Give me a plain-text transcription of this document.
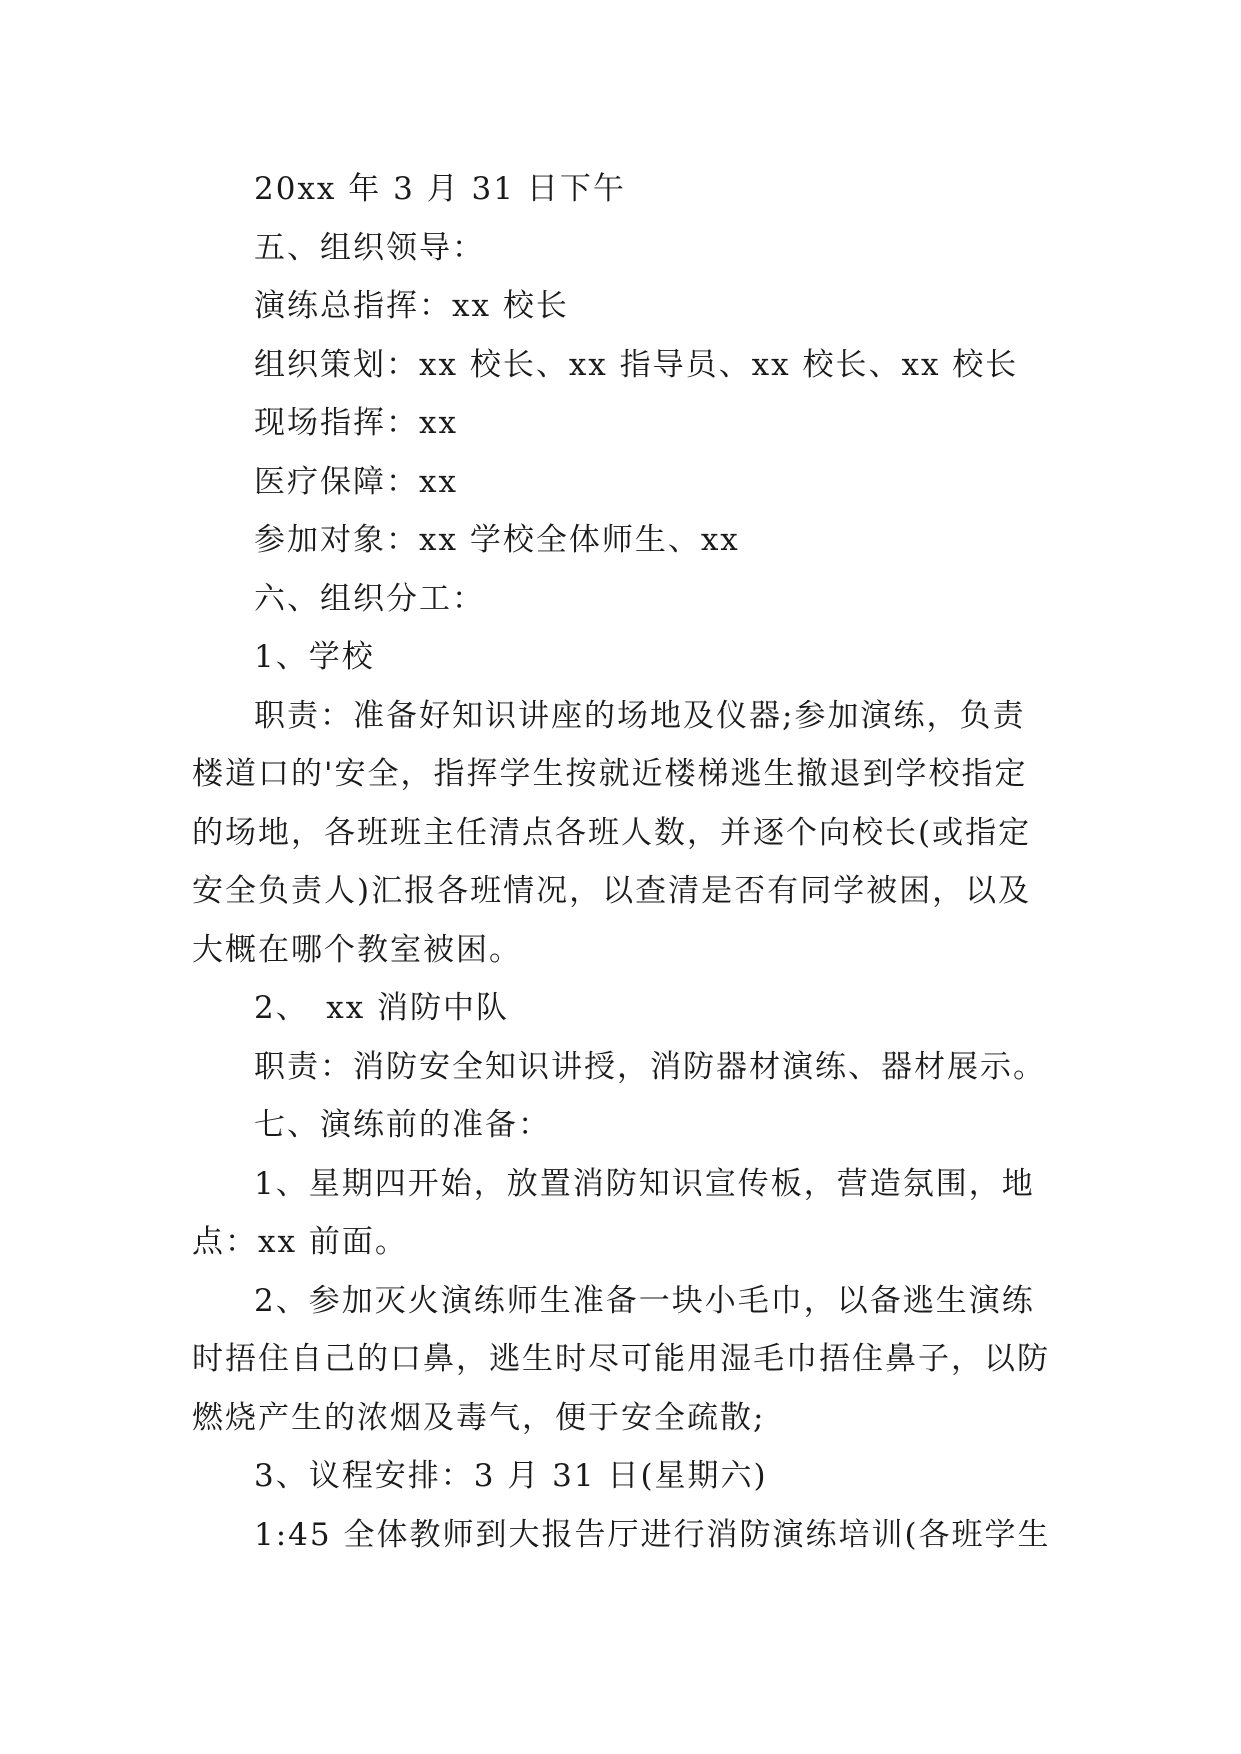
20xx 年 3 月 31 日下午
五、组织领导：
演练总指挥：xx 校长
组织策划：xx 校长、xx 指导员、xx 校长、xx 校长
现场指挥：xx
医疗保障：xx
参加对象：xx 学校全体师生、xx
六、组织分工：
1、学校
职责：准备好知识讲座的场地及仪器;参加演练，负责
楼道口的'安全，指挥学生按就近楼梯逃生撤退到学校指定
的场地，各班班主任清点各班人数，并逐个向校长(或指定
安全负责人)汇报各班情况，以查清是否有同学被困，以及
大概在哪个教室被困。
2、　xx 消防中队
职责：消防安全知识讲授，消防器材演练、器材展示。
七、演练前的准备：
1、星期四开始，放置消防知识宣传板，营造氛围，地
点：xx 前面。
2、参加灭火演练师生准备一块小毛巾，以备逃生演练
时捂住自己的口鼻，逃生时尽可能用湿毛巾捂住鼻子，以防
燃烧产生的浓烟及毒气，便于安全疏散;
3、议程安排：3 月 31 日(星期六)
1:45 全体教师到大报告厅进行消防演练培训(各班学生
